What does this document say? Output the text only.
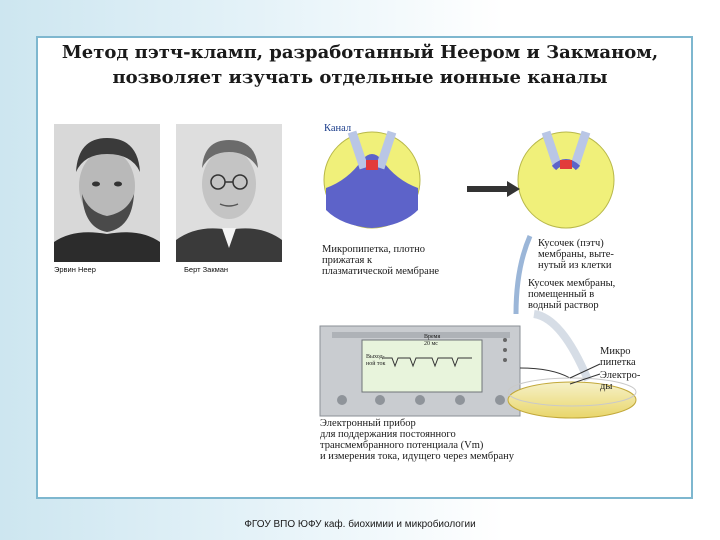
Метод пэтч-кламп, разработанный Неером и Закманом,
позволяет изучать отдельные ионные каналы
Эрвин Неер	Берт Закман
Канал
Микропипетка, плотно
прижатая к
плазматической мембране
Кусочек (пэтч)
мембраны, выте-
нутый из клетки
Кусочек мембраны,
помещенный в
водный раствор
Микро
пипетка
Электро-
ды
Время
20 мс
Выход-
ной ток
Электронный прибор
для поддержания постоянного
трансмембранного потенциала (Vm)
и измерения тока, идущего через мембрану
ФГОУ ВПО ЮФУ каф. биохимии и микробиологии
